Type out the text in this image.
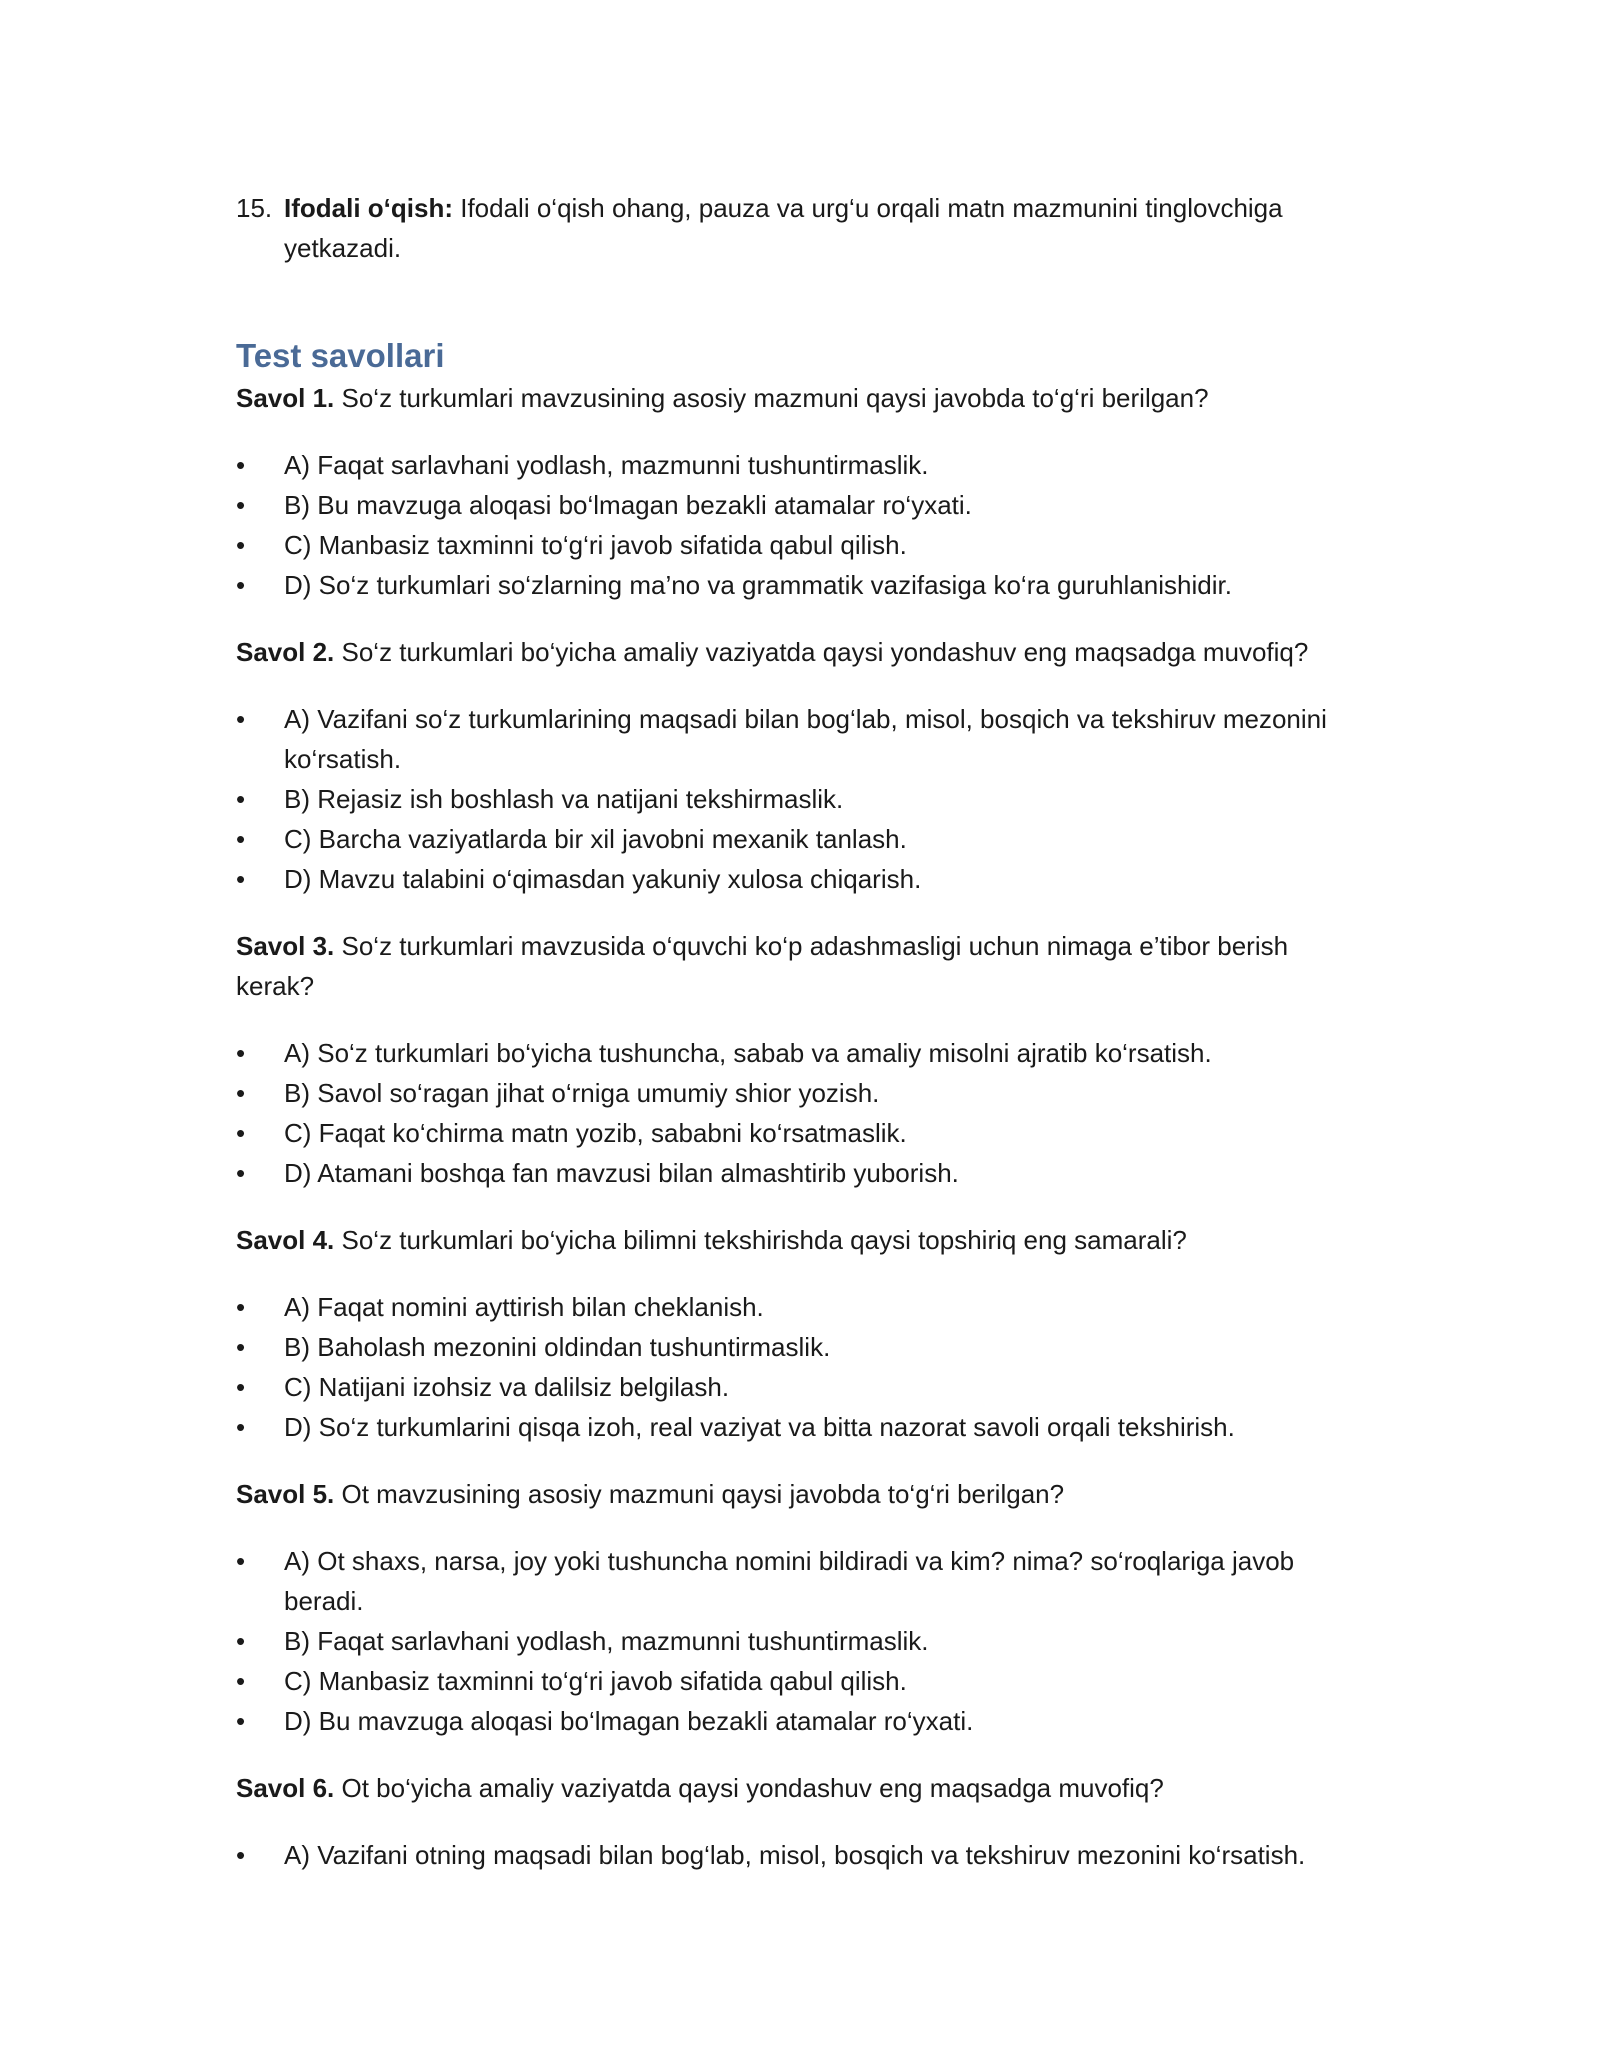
15. Ifodali o‘qish: Ifodali o‘qish ohang, pauza va urg‘u orqali matn mazmunini tinglovchiga yetkazadi.

Test savollari

Savol 1. So‘z turkumlari mavzusining asosiy mazmuni qaysi javobda to‘g‘ri berilgan?

• A) Faqat sarlavhani yodlash, mazmunni tushuntirmaslik.
• B) Bu mavzuga aloqasi bo‘lmagan bezakli atamalar ro‘yxati.
• C) Manbasiz taxminni to‘g‘ri javob sifatida qabul qilish.
• D) So‘z turkumlari so‘zlarning ma’no va grammatik vazifasiga ko‘ra guruhlanishidir.

Savol 2. So‘z turkumlari bo‘yicha amaliy vaziyatda qaysi yondashuv eng maqsadga muvofiq?

• A) Vazifani so‘z turkumlarining maqsadi bilan bog‘lab, misol, bosqich va tekshiruv mezonini ko‘rsatish.
• B) Rejasiz ish boshlash va natijani tekshirmaslik.
• C) Barcha vaziyatlarda bir xil javobni mexanik tanlash.
• D) Mavzu talabini o‘qimasdan yakuniy xulosa chiqarish.

Savol 3. So‘z turkumlari mavzusida o‘quvchi ko‘p adashmasligi uchun nimaga e’tibor berish kerak?

• A) So‘z turkumlari bo‘yicha tushuncha, sabab va amaliy misolni ajratib ko‘rsatish.
• B) Savol so‘ragan jihat o‘rniga umumiy shior yozish.
• C) Faqat ko‘chirma matn yozib, sababni ko‘rsatmaslik.
• D) Atamani boshqa fan mavzusi bilan almashtirib yuborish.

Savol 4. So‘z turkumlari bo‘yicha bilimni tekshirishda qaysi topshiriq eng samarali?

• A) Faqat nomini ayttirish bilan cheklanish.
• B) Baholash mezonini oldindan tushuntirmaslik.
• C) Natijani izohsiz va dalilsiz belgilash.
• D) So‘z turkumlarini qisqa izoh, real vaziyat va bitta nazorat savoli orqali tekshirish.

Savol 5. Ot mavzusining asosiy mazmuni qaysi javobda to‘g‘ri berilgan?

• A) Ot shaxs, narsa, joy yoki tushuncha nomini bildiradi va kim? nima? so‘roqlariga javob beradi.
• B) Faqat sarlavhani yodlash, mazmunni tushuntirmaslik.
• C) Manbasiz taxminni to‘g‘ri javob sifatida qabul qilish.
• D) Bu mavzuga aloqasi bo‘lmagan bezakli atamalar ro‘yxati.

Savol 6. Ot bo‘yicha amaliy vaziyatda qaysi yondashuv eng maqsadga muvofiq?

• A) Vazifani otning maqsadi bilan bog‘lab, misol, bosqich va tekshiruv mezonini ko‘rsatish.
